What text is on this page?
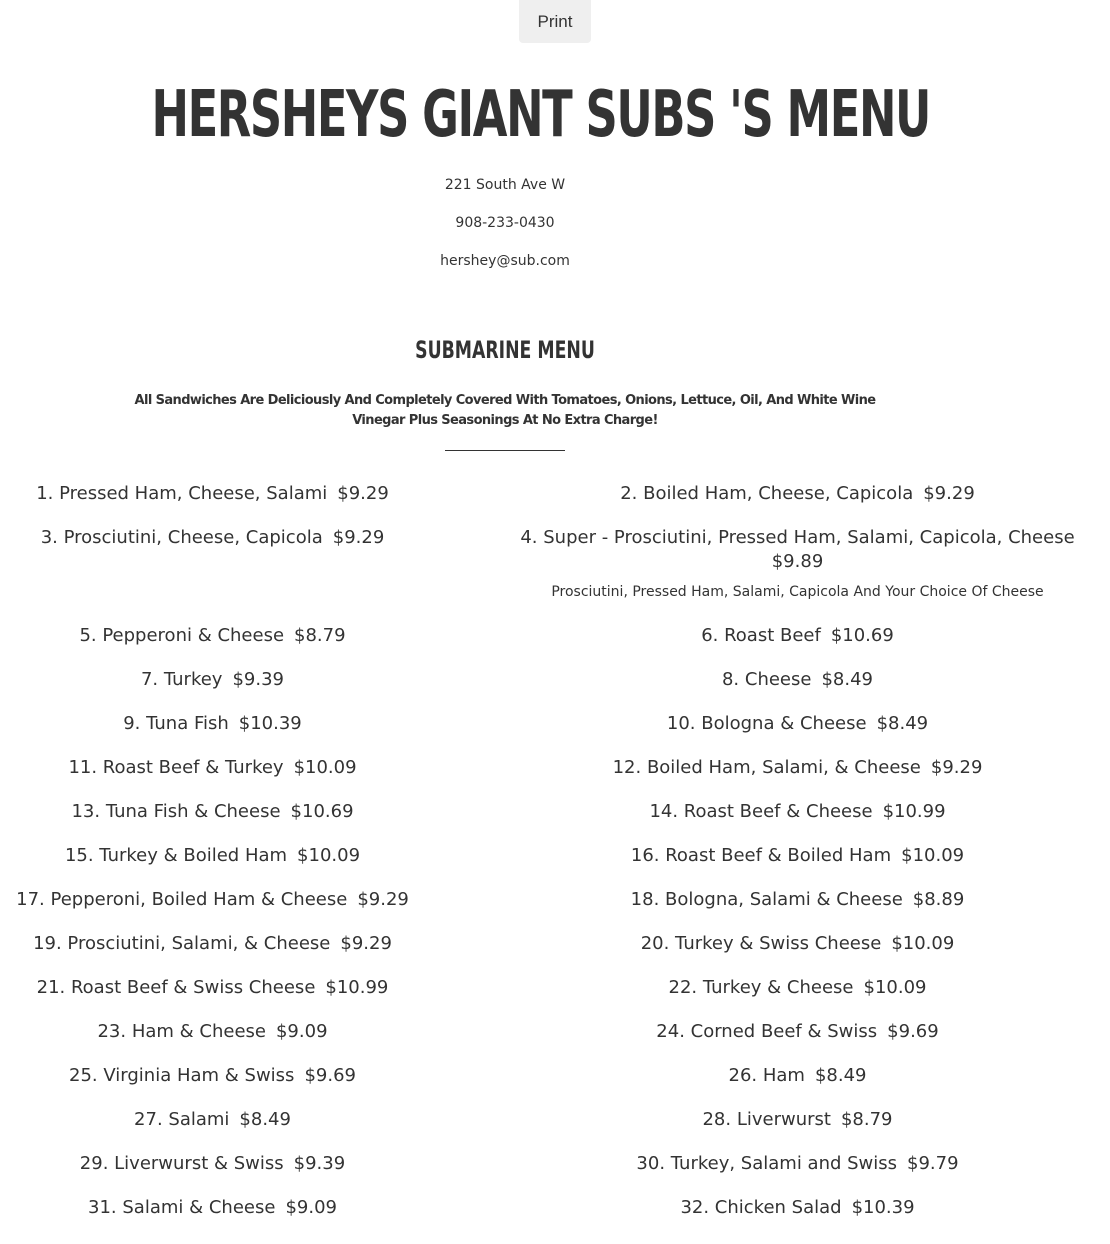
Print
HERSHEYS GIANT SUBS 'S MENU
221 South Ave W
908-233-0430
hershey@sub.com
SUBMARINE MENU
All Sandwiches Are Deliciously And Completely Covered With Tomatoes, Onions, Lettuce, Oil, And White Wine Vinegar Plus Seasonings At No Extra Charge!
1. Pressed Ham, Cheese, Salami $9.29	2. Boiled Ham, Cheese, Capicola $9.29
3. Prosciutini, Cheese, Capicola $9.29	4. Super - Prosciutini, Pressed Ham, Salami, Capicola, Cheese
$9.89
Prosciutini, Pressed Ham, Salami, Capicola And Your Choice Of Cheese
5. Pepperoni & Cheese $8.79	6. Roast Beef $10.69
7. Turkey $9.39	8. Cheese $8.49
9. Tuna Fish $10.39	10. Bologna & Cheese $8.49
11. Roast Beef & Turkey $10.09	12. Boiled Ham, Salami, & Cheese $9.29
13. Tuna Fish & Cheese $10.69	14. Roast Beef & Cheese $10.99
15. Turkey & Boiled Ham $10.09	16. Roast Beef & Boiled Ham $10.09
17. Pepperoni, Boiled Ham & Cheese $9.29	18. Bologna, Salami & Cheese $8.89
19. Prosciutini, Salami, & Cheese $9.29	20. Turkey & Swiss Cheese $10.09
21. Roast Beef & Swiss Cheese $10.99	22. Turkey & Cheese $10.09
23. Ham & Cheese $9.09	24. Corned Beef & Swiss $9.69
25. Virginia Ham & Swiss $9.69	26. Ham $8.49
27. Salami $8.49	28. Liverwurst $8.79
29. Liverwurst & Swiss $9.39	30. Turkey, Salami and Swiss $9.79
31. Salami & Cheese $9.09	32. Chicken Salad $10.39
